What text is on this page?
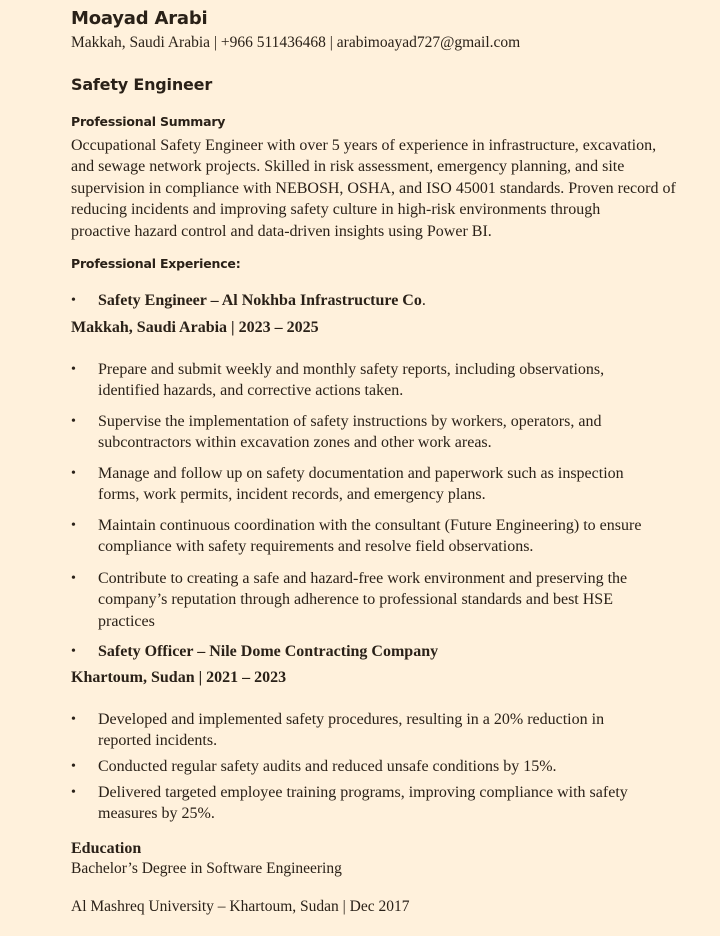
Moayad Arabi
Makkah, Saudi Arabia | +966 511436468 | arabimoayad727@gmail.com
Safety Engineer
Professional Summary
Occupational Safety Engineer with over 5 years of experience in infrastructure, excavation,
and sewage network projects. Skilled in risk assessment, emergency planning, and site
supervision in compliance with NEBOSH, OSHA, and ISO 45001 standards. Proven record of
reducing incidents and improving safety culture in high-risk environments through
proactive hazard control and data-driven insights using Power BI.
Professional Experience:
• Safety Engineer – Al Nokhba Infrastructure Co.
Makkah, Saudi Arabia | 2023 – 2025
• Prepare and submit weekly and monthly safety reports, including observations,
identified hazards, and corrective actions taken.
• Supervise the implementation of safety instructions by workers, operators, and
subcontractors within excavation zones and other work areas.
• Manage and follow up on safety documentation and paperwork such as inspection
forms, work permits, incident records, and emergency plans.
• Maintain continuous coordination with the consultant (Future Engineering) to ensure
compliance with safety requirements and resolve field observations.
• Contribute to creating a safe and hazard-free work environment and preserving the
company’s reputation through adherence to professional standards and best HSE
practices
• Safety Officer – Nile Dome Contracting Company
Khartoum, Sudan | 2021 – 2023
• Developed and implemented safety procedures, resulting in a 20% reduction in
reported incidents.
• Conducted regular safety audits and reduced unsafe conditions by 15%.
• Delivered targeted employee training programs, improving compliance with safety
measures by 25%.
Education
Bachelor’s Degree in Software Engineering
Al Mashreq University – Khartoum, Sudan | Dec 2017
